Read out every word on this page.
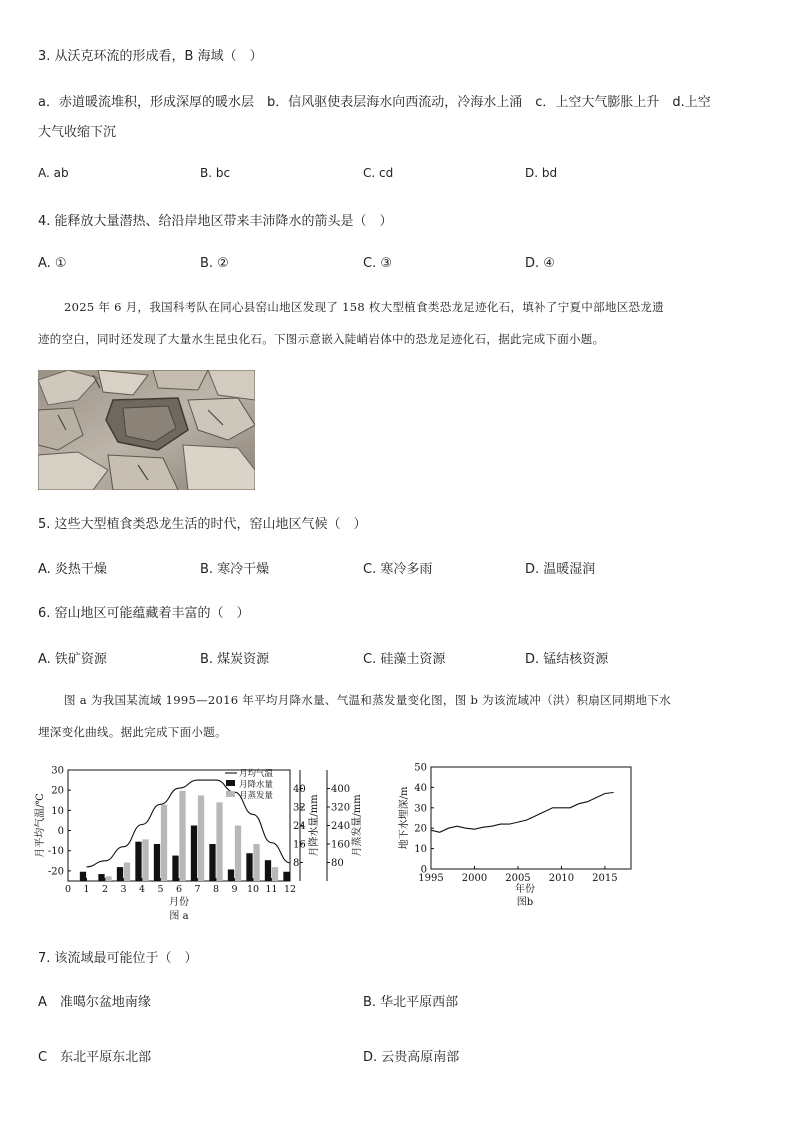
3. 从沃克环流的形成看，B 海域（　）
a．赤道暖流堆积，形成深厚的暖水层　b．信风驱使表层海水向西流动，冷海水上涌　c．上空大气膨胀上升　d.上空
大气收缩下沉
A. ab	B. bc	C. cd	D. bd
4. 能释放大量潜热、给沿岸地区带来丰沛降水的箭头是（　）
A. ①	B. ②	C. ③	D. ④
2025 年 6 月，我国科考队在同心县窑山地区发现了 158 枚大型植食类恐龙足迹化石，填补了宁夏中部地区恐龙遗
迹的空白，同时还发现了大量水生昆虫化石。下图示意嵌入陡峭岩体中的恐龙足迹化石，据此完成下面小题。
5. 这些大型植食类恐龙生活的时代，窑山地区气候（　）
A. 炎热干燥	B. 寒冷干燥	C. 寒冷多雨	D. 温暖湿润
6. 窑山地区可能蕴藏着丰富的（　）
A. 铁矿资源	B. 煤炭资源	C. 硅藻土资源	D. 锰结核资源
图 a 为我国某流域 1995—2016 年平均月降水量、气温和蒸发量变化图，图 b 为该流域冲（洪）积扇区同期地下水
埋深变化曲线。据此完成下面小题。
-20
-10
0
10
20
30
0 1 2 3 4 5 6 7 8 9 10 11 12
8
16
24
32
40
80
160
240
320
400
月均气温
月降水量
月蒸发量
月平均气温/℃	月降水量/mm	月蒸发量/mm
月份
图 a
0
10
20
30
40
50
1995 2000 2005 2010 2015
地下水埋深/m
年份
图b
7. 该流域最可能位于（　）
A　准噶尔盆地南缘	B. 华北平原西部
C　东北平原东北部	D. 云贵高原南部
